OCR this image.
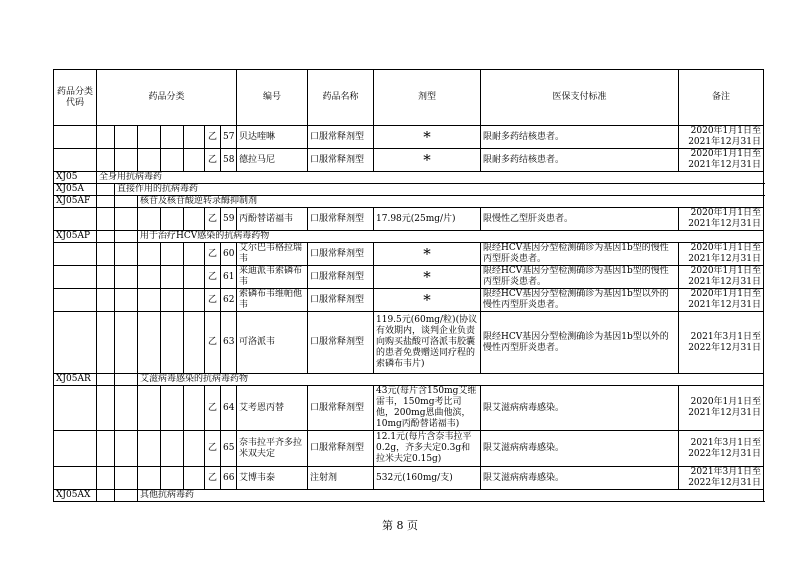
药品分类代码	药品分类							编号	药品名称	剂型	医保支付标准	备注	
						乙	57	贝达喹啉	口服常释剂型	*	限耐多药结核患者。	2020年1月1日至
2021年12月31日	

						乙	58	德拉马尼	口服常释剂型	*	限耐多药结核患者。	2020年1月1日至
2021年12月31日	

XJ05	全身用抗病毒药												
XJ05A		直接作用的抗病毒药											
XJ05AF			核苷及核苷酸逆转录酶抑制剂										
						乙	59	丙酚替诺福韦	口服常释剂型	17.98元(25mg/片)	限慢性乙型肝炎患者。	2020年1月1日至
2021年12月31日	

XJ05AP			用于治疗HCV感染的抗病毒药物										
						乙	60	艾尔巴韦格拉瑞韦	口服常释剂型	*	限经HCV基因分型检测确诊为基因1b型的慢性丙型肝炎患者。	2020年1月1日至
2021年12月31日	

						乙	61	来迪派韦索磷布韦	口服常释剂型	*	限经HCV基因分型检测确诊为基因1b型的慢性丙型肝炎患者。	2020年1月1日至
2021年12月31日	

						乙	62	索磷布韦维帕他韦	口服常释剂型	*	限经HCV基因分型检测确诊为基因1b型以外的慢性丙型肝炎患者。	2020年1月1日至
2021年12月31日	

						乙	63	可洛派韦	口服常释剂型	119.5元(60mg/粒)(协议有效期内，谈判企业负责向购买盐酸可洛派韦胶囊的患者免费赠送同疗程的索磷布韦片)	限经HCV基因分型检测确诊为基因1b型以外的慢性丙型肝炎患者。	2021年3月1日至
2022年12月31日	

XJ05AR			艾滋病毒感染的抗病毒药物										
						乙	64	艾考恩丙替	口服常释剂型	43元(每片含150mg艾维雷韦，150mg考比司他，200mg恩曲他滨，10mg丙酚替诺福韦)	限艾滋病病毒感染。	2020年1月1日至
2021年12月31日	

						乙	65	奈韦拉平齐多拉米双夫定	口服常释剂型	12.1元(每片含奈韦拉平0.2g，齐多夫定0.3g和拉米夫定0.15g)	限艾滋病病毒感染。	2021年3月1日至
2022年12月31日	

						乙	66	艾博韦泰	注射剂	532元(160mg/支)	限艾滋病病毒感染。	2021年3月1日至
2022年12月31日	

XJ05AX			其他抗病毒药										
第 8 页
